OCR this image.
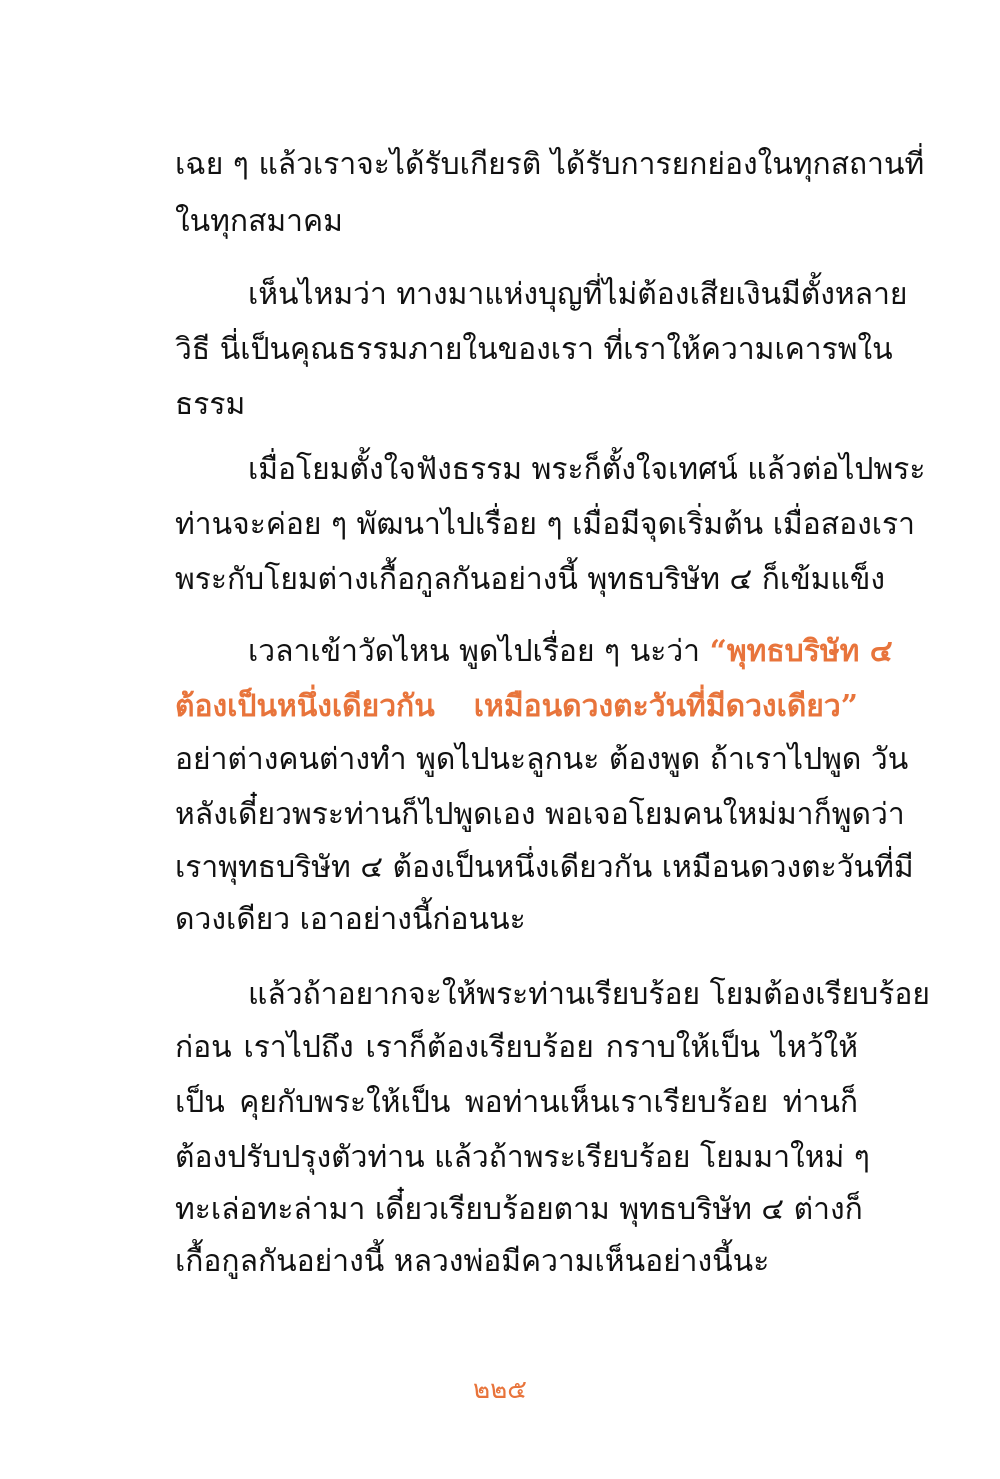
เฉย ๆ แล้วเราจะได้รับเกียรติ ได้รับการยกย่องในทุกสถานที่
ในทุกสมาคม
เห็นไหมว่า ทางมาแห่งบุญที่ไม่ต้องเสียเงินมีตั้งหลาย
วิธี นี่เป็นคุณธรรมภายในของเรา ที่เราให้ความเคารพใน
ธรรม
เมื่อโยมตั้งใจฟังธรรม พระก็ตั้งใจเทศน์ แล้วต่อไปพระ
ท่านจะค่อย ๆ พัฒนาไปเรื่อย ๆ เมื่อมีจุดเริ่มต้น เมื่อสองเรา
พระกับโยมต่างเกื้อกูลกันอย่างนี้ พุทธบริษัท ๔ ก็เข้มแข็ง
เวลาเข้าวัดไหน พูดไปเรื่อย ๆ นะว่า “พุทธบริษัท ๔
ต้องเป็นหนึ่งเดียวกัน เหมือนดวงตะวันที่มีดวงเดียว”
อย่าต่างคนต่างทำ พูดไปนะลูกนะ ต้องพูด ถ้าเราไปพูด วัน
หลังเดี๋ยวพระท่านก็ไปพูดเอง พอเจอโยมคนใหม่มาก็พูดว่า
เราพุทธบริษัท ๔ ต้องเป็นหนึ่งเดียวกัน เหมือนดวงตะวันที่มี
ดวงเดียว เอาอย่างนี้ก่อนนะ
แล้วถ้าอยากจะให้พระท่านเรียบร้อย โยมต้องเรียบร้อย
ก่อน เราไปถึง เราก็ต้องเรียบร้อย กราบให้เป็น ไหว้ให้
เป็น คุยกับพระให้เป็น พอท่านเห็นเราเรียบร้อย ท่านก็
ต้องปรับปรุงตัวท่าน แล้วถ้าพระเรียบร้อย โยมมาใหม่ ๆ
ทะเล่อทะล่ามา เดี๋ยวเรียบร้อยตาม พุทธบริษัท ๔ ต่างก็
เกื้อกูลกันอย่างนี้ หลวงพ่อมีความเห็นอย่างนี้นะ
๒๒๕
